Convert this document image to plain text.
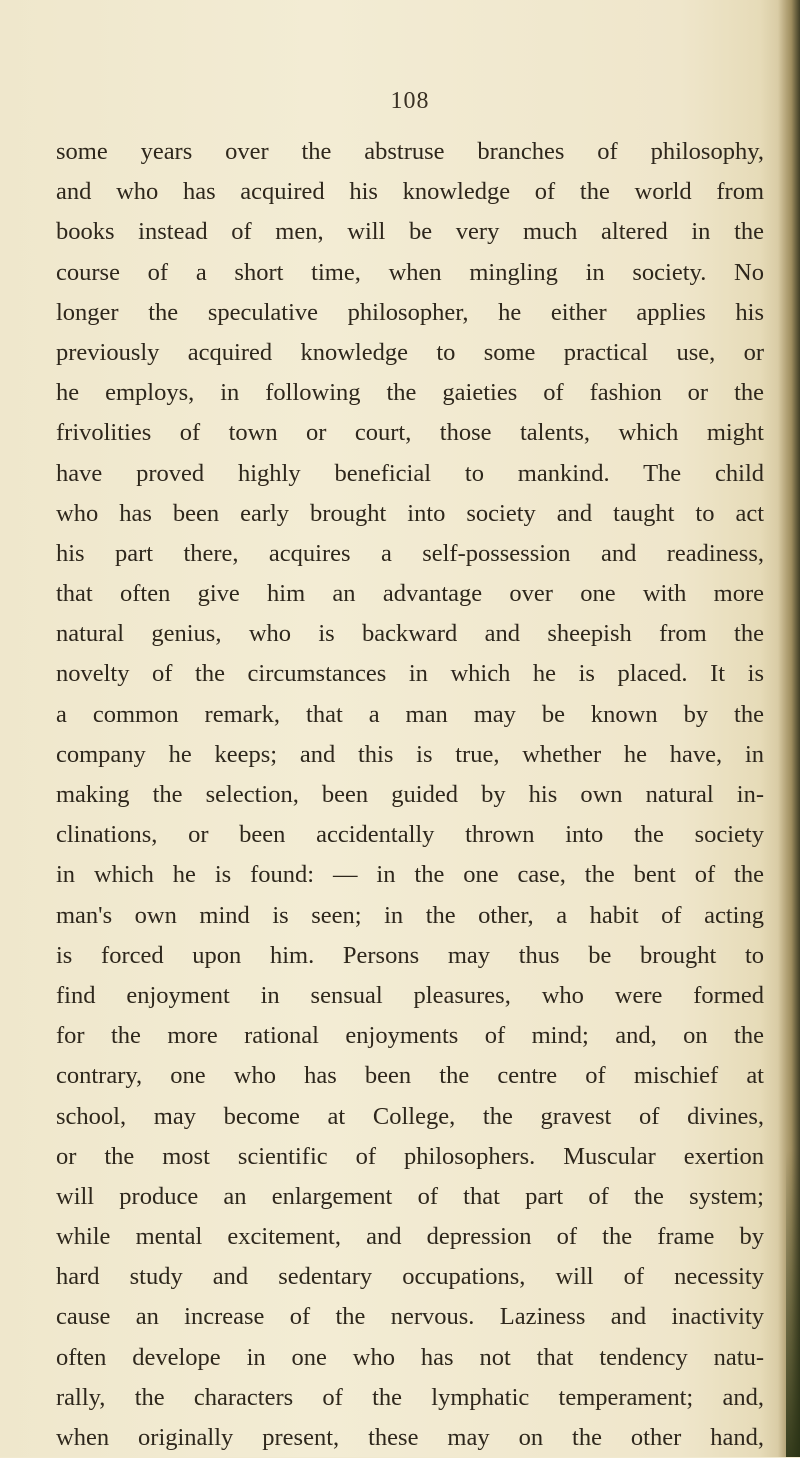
108
some years over the abstruse branches of philosophy,
and who has acquired his knowledge of the world from
books instead of men, will be very much altered in the
course of a short time, when mingling in society. No
longer the speculative philosopher, he either applies his
previously acquired knowledge to some practical use, or
he employs, in following the gaieties of fashion or the
frivolities of town or court, those talents, which might
have proved highly beneficial to mankind. The child
who has been early brought into society and taught to act
his part there, acquires a self-possession and readiness,
that often give him an advantage over one with more
natural genius, who is backward and sheepish from the
novelty of the circumstances in which he is placed. It is
a common remark, that a man may be known by the
company he keeps; and this is true, whether he have, in
making the selection, been guided by his own natural in-
clinations, or been accidentally thrown into the society
in which he is found: — in the one case, the bent of the
man's own mind is seen; in the other, a habit of acting
is forced upon him. Persons may thus be brought to
find enjoyment in sensual pleasures, who were formed
for the more rational enjoyments of mind; and, on the
contrary, one who has been the centre of mischief at
school, may become at College, the gravest of divines,
or the most scientific of philosophers. Muscular exertion
will produce an enlargement of that part of the system;
while mental excitement, and depression of the frame by
hard study and sedentary occupations, will of necessity
cause an increase of the nervous. Laziness and inactivity
often develope in one who has not that tendency natu-
rally, the characters of the lymphatic temperament; and,
when originally present, these may on the other hand,
